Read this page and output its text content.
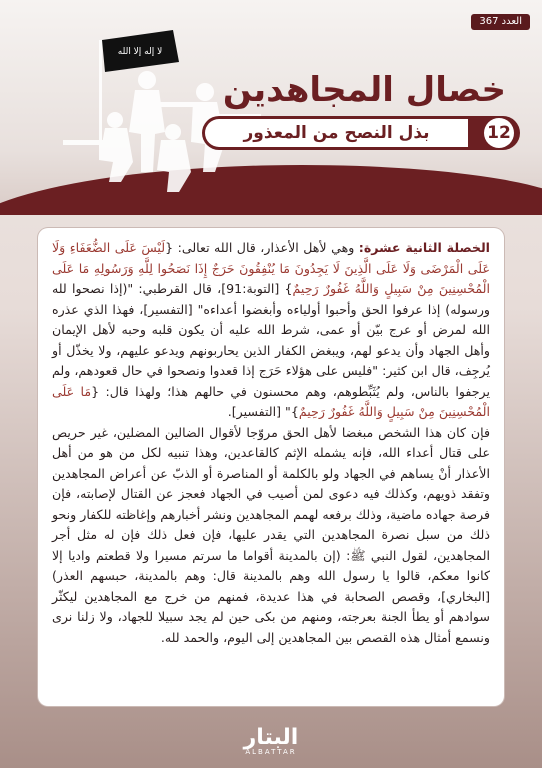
لا إله إلا الله
العدد 367
خصال المجاهدين
بذل النصح من المعذور	12

الخصلة الثانية عشرة: وهي لأهل الأعذار، قال الله تعالى: {لَيْسَ عَلَى الضُّعَفَاءِ وَلَا عَلَى الْمَرْضَى وَلَا عَلَى الَّذِينَ لَا يَجِدُونَ مَا يُنْفِقُونَ حَرَجٌ إِذَا نَصَحُوا لِلَّهِ وَرَسُولِهِ مَا عَلَى الْمُحْسِنِينَ مِنْ سَبِيلٍ وَاللَّهُ غَفُورٌ رَحِيمٌ} [التوبة:91]، قال القرطبي: "(إذا نصحوا لله ورسوله) إذا عرفوا الحق وأحبوا أولياءه وأبغضوا أعداءه" [التفسير]، فهذا الذي عذره الله لمرض أو عرج بيّن أو عمى، شرط الله عليه أن يكون قلبه وحبه لأهل الإيمان وأهل الجهاد وأن يدعو لهم، ويبغض الكفار الذين يحاربونهم ويدعو عليهم، ولا يخذّل أو يُرجِف، قال ابن كثير: "فليس على هؤلاء حَرَج إذا قعدوا ونصحوا في حال قعودهم، ولم يرجفوا بالناس، ولم يُثَبِّطوهم، وهم محسنون في حالهم هذا؛ ولهذا قال: {مَا عَلَى الْمُحْسِنِينَ مِنْ سَبِيلٍ وَاللَّهُ غَفُورٌ رَحِيمٌ}" [التفسير].

فإن كان هذا الشخص مبغضا لأهل الحق مروّجا لأقوال الضالين المضلين، غير حريص على قتال أعداء الله، فإنه يشمله الإثم كالقاعدين، وهذا تنبيه لكل من هو من أهل الأعذار أنْ يساهم في الجهاد ولو بالكلمة أو المناصرة أو الذبّ عن أعراض المجاهدين وتفقد ذويهم، وكذلك فيه دعوى لمن أصيب في الجهاد فعجز عن القتال لإصابته، فإن فرصة جهاده ماضية، وذلك برفعه لهمم المجاهدين ونشر أخبارهم وإغاظته للكفار ونحو ذلك من سبل نصرة المجاهدين التي يقدر عليها، فإن فعل ذلك فإن له مثل أجر المجاهدين، لقول النبي ﷺ: (إن بالمدينة أقواما ما سرتم مسيرا ولا قطعتم واديا إلا كانوا معكم، قالوا يا رسول الله وهم بالمدينة قال: وهم بالمدينة، حبسهم العذر) [البخاري]، وقصص الصحابة في هذا عديدة، فمنهم من خرج مع المجاهدين ليكثّر سوادهم أو يطأ الجنة بعرجته، ومنهم من بكى حين لم يجد سبيلا للجهاد، ولا زلنا نرى ونسمع أمثال هذه القصص بين المجاهدين إلى اليوم، والحمد لله.

البتار
ALBATTAR
